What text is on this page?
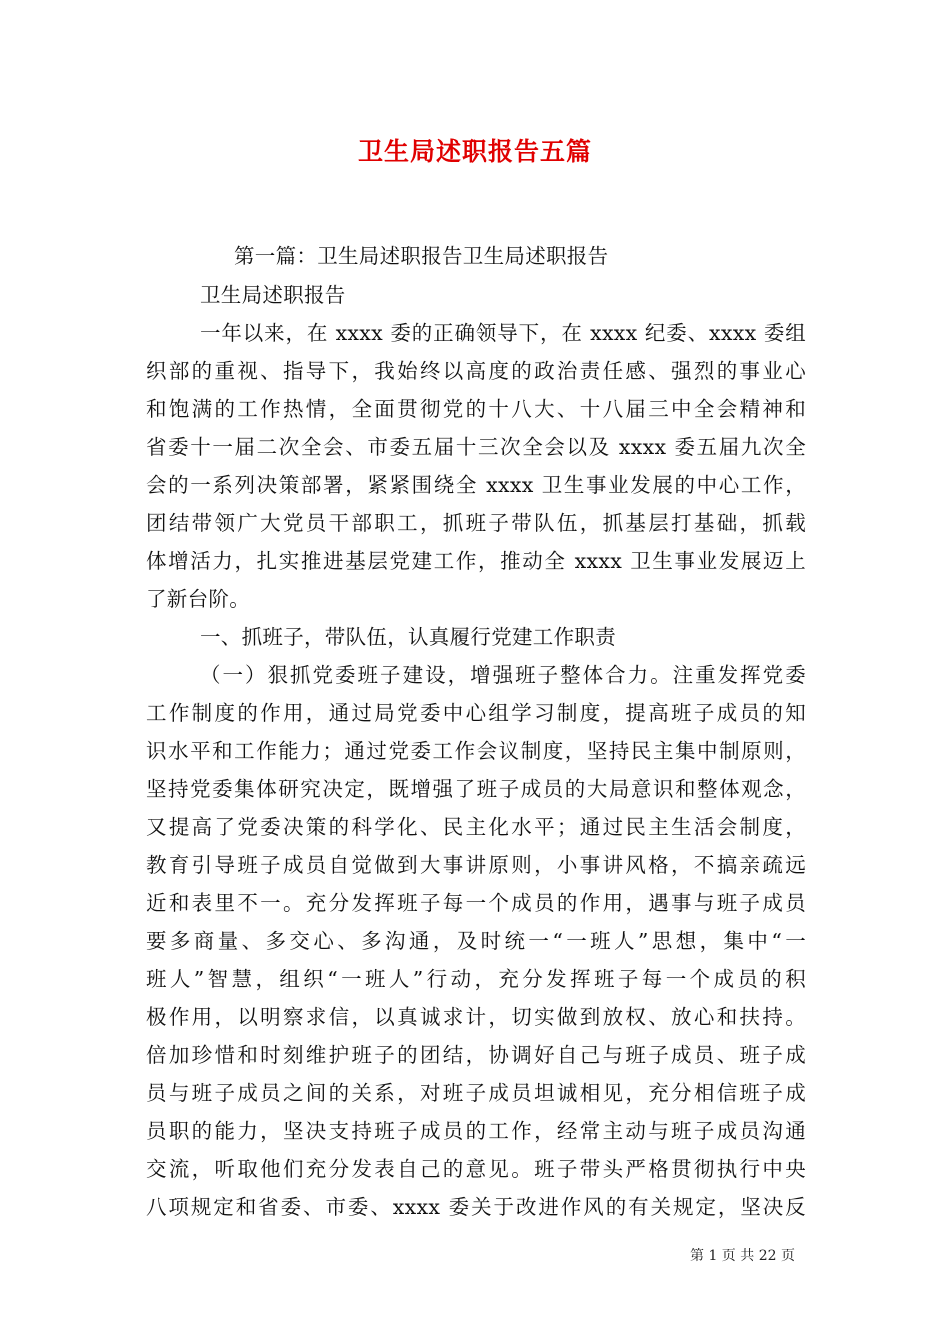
卫生局述职报告五篇
第一篇：卫生局述职报告卫生局述职报告
卫生局述职报告
一年以来，在 xxxx 委的正确领导下，在 xxxx 纪委、xxxx 委组
织部的重视、指导下，我始终以高度的政治责任感、强烈的事业心
和饱满的工作热情，全面贯彻党的十八大、十八届三中全会精神和
省委十一届二次全会、市委五届十三次全会以及 xxxx 委五届九次全
会的一系列决策部署，紧紧围绕全 xxxx 卫生事业发展的中心工作，
团结带领广大党员干部职工，抓班子带队伍，抓基层打基础，抓载
体增活力，扎实推进基层党建工作，推动全 xxxx 卫生事业发展迈上
了新台阶。
一、抓班子，带队伍，认真履行党建工作职责
（一）狠抓党委班子建设，增强班子整体合力。注重发挥党委
工作制度的作用，通过局党委中心组学习制度，提高班子成员的知
识水平和工作能力；通过党委工作会议制度，坚持民主集中制原则，
坚持党委集体研究决定，既增强了班子成员的大局意识和整体观念，
又提高了党委决策的科学化、民主化水平；通过民主生活会制度，
教育引导班子成员自觉做到大事讲原则，小事讲风格，不搞亲疏远
近和表里不一。充分发挥班子每一个成员的作用，遇事与班子成员
要多商量、多交心、多沟通，及时统一“一班人”思想，集中“一
班人”智慧，组织“一班人”行动，充分发挥班子每一个成员的积
极作用，以明察求信，以真诚求计，切实做到放权、放心和扶持。
倍加珍惜和时刻维护班子的团结，协调好自己与班子成员、班子成
员与班子成员之间的关系，对班子成员坦诚相见，充分相信班子成
员职的能力，坚决支持班子成员的工作，经常主动与班子成员沟通
交流，听取他们充分发表自己的意见。班子带头严格贯彻执行中央
八项规定和省委、市委、xxxx 委关于改进作风的有关规定，坚决反
第 1 页 共 22 页
